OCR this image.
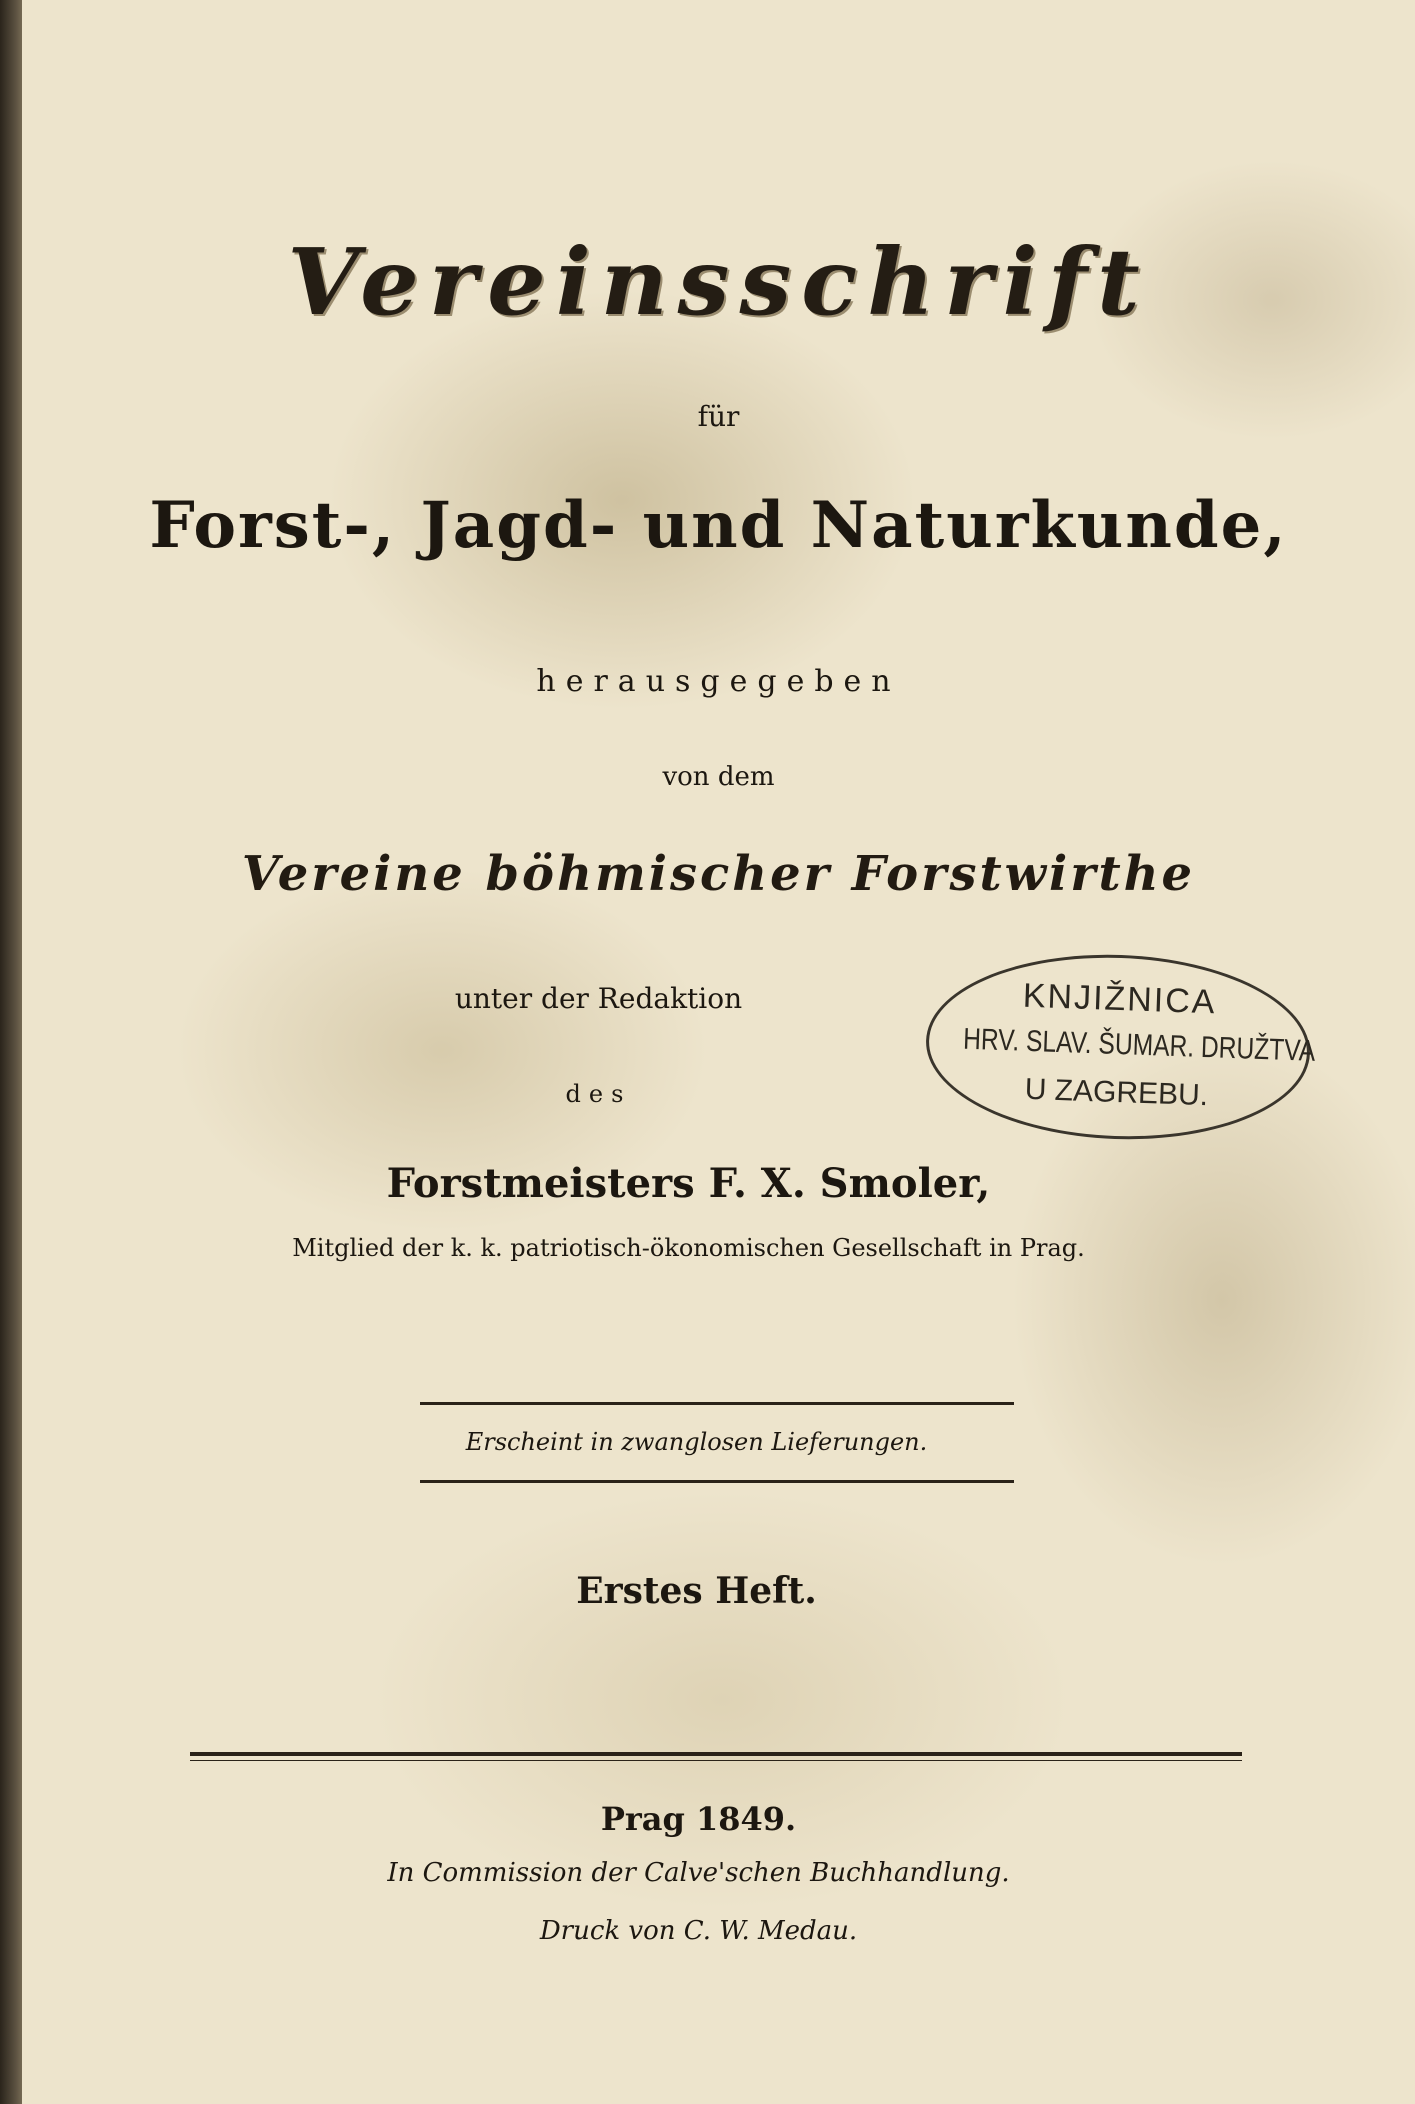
Vereinsschrift
für
Forst-, Jagd- und Naturkunde,
herausgegeben
von dem
Vereine böhmischer Forstwirthe
unter der Redaktion
des
Forstmeisters F. X. Smoler,
Mitglied der k. k. patriotisch-ökonomischen Gesellschaft in Prag.
Erscheint in zwanglosen Lieferungen.
Erstes Heft.
Prag 1849.
In Commission der Calve'schen Buchhandlung.
Druck von C. W. Medau.
KNJIŽNICA
HRV. SLAV. ŠUMAR. DRUŽTVA
U ZAGREBU.
